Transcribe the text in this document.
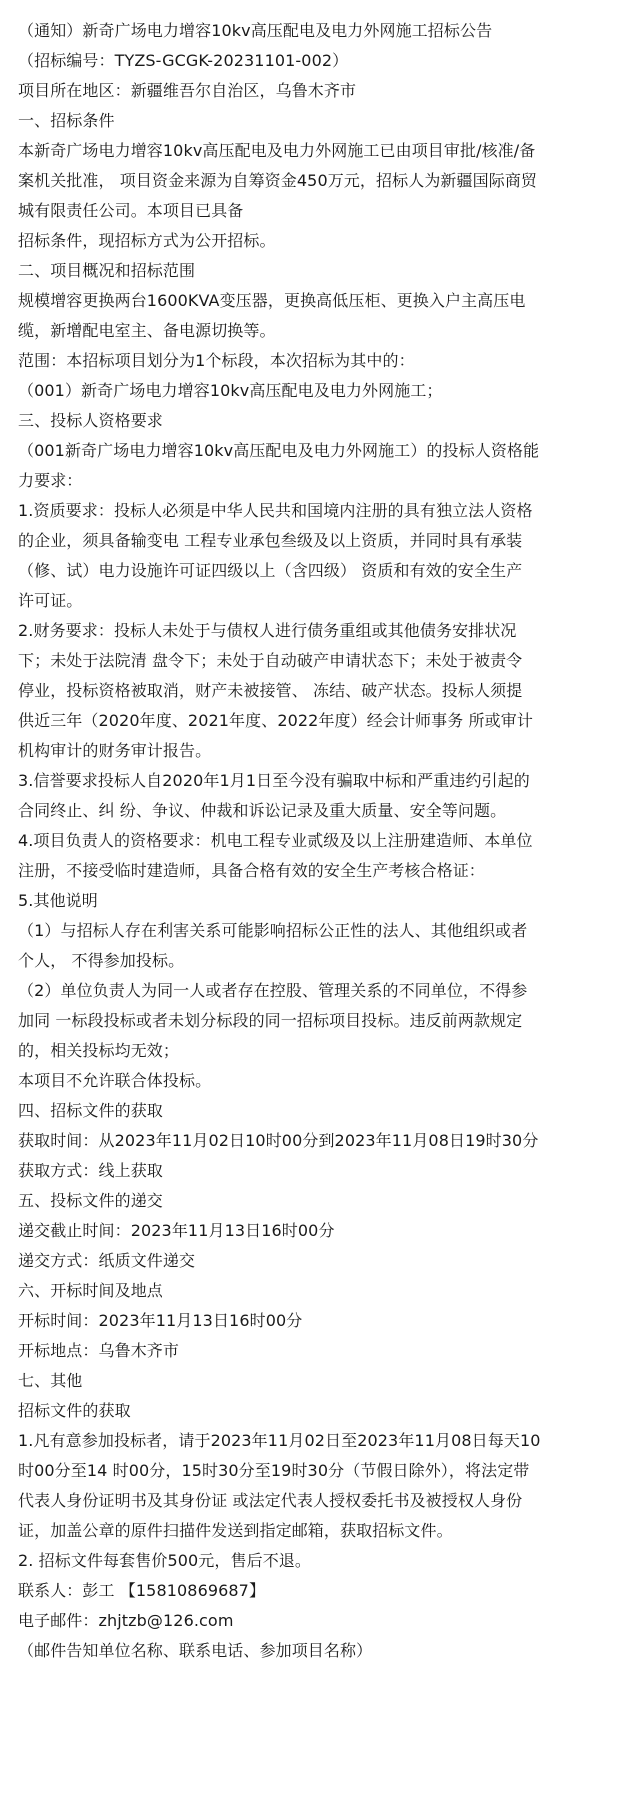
（通知）新奇广场电力增容10kv高压配电及电力外网施工招标公告
（招标编号：TYZS-GCGK-20231101-002）
项目所在地区：新疆维吾尔自治区，乌鲁木齐市
一、招标条件
本新奇广场电力增容10kv高压配电及电力外网施工已由项目审批/核准/备
案机关批准， 项目资金来源为自筹资金450万元，招标人为新疆国际商贸
城有限责任公司。本项目已具备
招标条件，现招标方式为公开招标。
二、项目概况和招标范围
规模增容更换两台1600KVA变压器，更换高低压柜、更换入户主高压电
缆，新增配电室主、备电源切换等。
范围：本招标项目划分为1个标段，本次招标为其中的：
（001）新奇广场电力增容10kv高压配电及电力外网施工；
三、投标人资格要求
（001新奇广场电力增容10kv高压配电及电力外网施工）的投标人资格能
力要求：
1.资质要求：投标人必须是中华人民共和国境内注册的具有独立法人资格
的企业，须具备输变电 工程专业承包叁级及以上资质，并同时具有承装
（修、试）电力设施许可证四级以上（含四级） 资质和有效的安全生产
许可证。
2.财务要求：投标人未处于与债权人进行债务重组或其他债务安排状况
下；未处于法院清 盘令下；未处于自动破产申请状态下；未处于被责令
停业，投标资格被取消，财产未被接管、 冻结、破产状态。投标人须提
供近三年（2020年度、2021年度、2022年度）经会计师事务 所或审计
机构审计的财务审计报告。
3.信誉要求投标人自2020年1月1日至今没有骗取中标和严重违约引起的
合同终止、纠 纷、争议、仲裁和诉讼记录及重大质量、安全等问题。
4.项目负责人的资格要求：机电工程专业贰级及以上注册建造师、本单位
注册，不接受临时建造师，具备合格有效的安全生产考核合格证：
5.其他说明
（1）与招标人存在利害关系可能影响招标公正性的法人、其他组织或者
个人， 不得参加投标。
（2）单位负责人为同一人或者存在控股、管理关系的不同单位，不得参
加同 一标段投标或者未划分标段的同一招标项目投标。违反前两款规定
的，相关投标均无效；
本项目不允许联合体投标。
四、招标文件的获取
获取时间：从2023年11月02日10时00分到2023年11月08日19时30分
获取方式：线上获取
五、投标文件的递交
递交截止时间：2023年11月13日16时00分
递交方式：纸质文件递交
六、开标时间及地点
开标时间：2023年11月13日16时00分
开标地点：乌鲁木齐市
七、其他
招标文件的获取
1.凡有意参加投标者，请于2023年11月02日至2023年11月08日每天10
时00分至14 时00分，15时30分至19时30分（节假日除外），将法定带
代表人身份证明书及其身份证 或法定代表人授权委托书及被授权人身份
证，加盖公章的原件扫描件发送到指定邮箱，获取招标文件。
2. 招标文件每套售价500元，售后不退。
联系人：彭工 【15810869687】
电子邮件：zhjtzb@126.com
（邮件告知单位名称、联系电话、参加项目名称）
